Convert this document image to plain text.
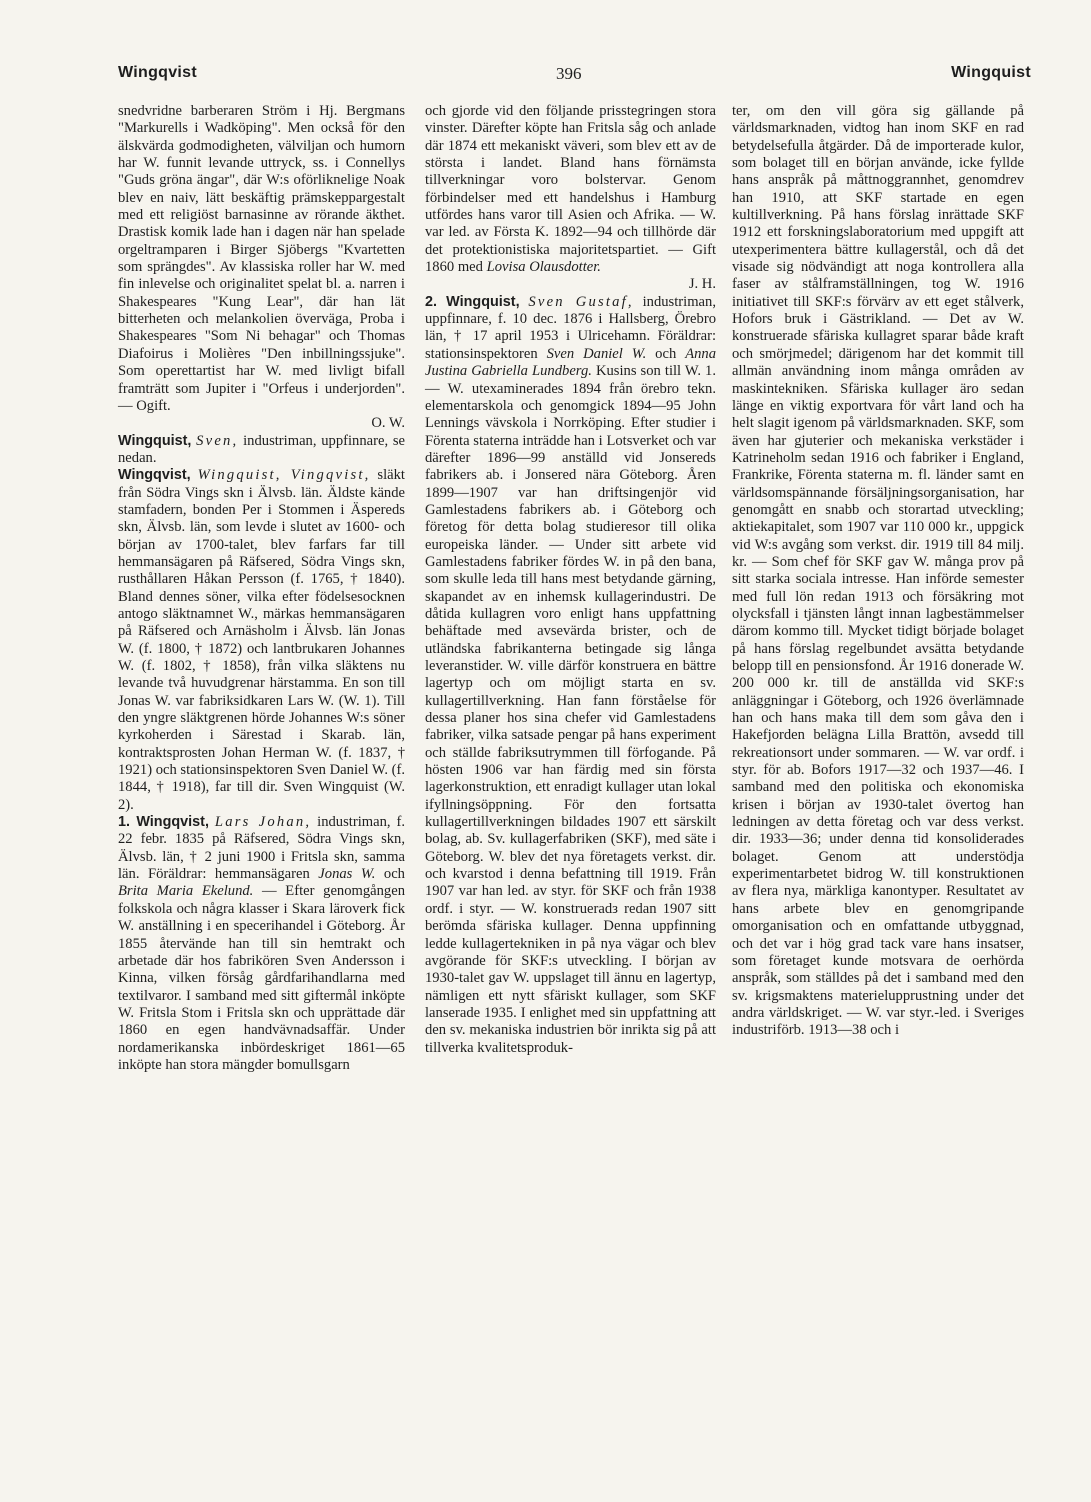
Wingqvist	396	Wingquist

snedvridne barberaren Ström i Hj. Bergmans "Markurells i Wadköping". Men också för den älskvärda godmodigheten, välviljan och humorn har W. funnit levande uttryck, ss. i Connellys "Guds gröna ängar", där W:s oförliknelige Noak blev en naiv, lätt beskäftig prämskeppargestalt med ett religiöst barnasinne av rörande äkthet. Drastisk komik lade han i dagen när han spelade orgeltramparen i Birger Sjöbergs "Kvartetten som sprängdes". Av klassiska roller har W. med fin inlevelse och originalitet spelat bl. a. narren i Shakespeares "Kung Lear", där han lät bitterheten och melankolien överväga, Proba i Shakespeares "Som Ni behagar" och Thomas Diafoirus i Molières "Den inbillningssjuke". Som operettartist har W. med livligt bifall framträtt som Jupiter i "Orfeus i underjorden". — Ogift.
O. W.

Wingquist, Sven, industriman, uppfinnare, se nedan.

Wingqvist, Wingquist, Vingqvist, släkt från Södra Vings skn i Älvsb. län. Äldste kände stamfadern, bonden Per i Stommen i Äspereds skn, Älvsb. län, som levde i slutet av 1600- och början av 1700-talet, blev farfars far till hemmansägaren på Räfsered, Södra Vings skn, rusthållaren Håkan Persson (f. 1765, † 1840). Bland dennes söner, vilka efter födelsesocknen antogo släktnamnet W., märkas hemmansägaren på Räfsered och Arnäsholm i Älvsb. län Jonas W. (f. 1800, † 1872) och lantbrukaren Johannes W. (f. 1802, † 1858), från vilka släktens nu levande två huvudgrenar härstamma. En son till Jonas W. var fabriksidkaren Lars W. (W. 1). Till den yngre släktgrenen hörde Johannes W:s söner kyrkoherden i Särestad i Skarab. län, kontraktsprosten Johan Herman W. (f. 1837, † 1921) och stationsinspektoren Sven Daniel W. (f. 1844, † 1918), far till dir. Sven Wingquist (W. 2).

1. Wingqvist, Lars Johan, industriman, f. 22 febr. 1835 på Räfsered, Södra Vings skn, Älvsb. län, † 2 juni 1900 i Fritsla skn, samma län. Föräldrar: hemmansägaren Jonas W. och Brita Maria Ekelund. — Efter genomgången folkskola och några klasser i Skara läroverk fick W. anställning i en specerihandel i Göteborg. År 1855 återvände han till sin hemtrakt och arbetade där hos fabrikören Sven Andersson i Kinna, vilken försåg gårdfarihandlarna med textilvaror. I samband med sitt giftermål inköpte W. Fritsla Stom i Fritsla skn och upprättade där 1860 en egen handvävnadsaffär. Under nordamerikanska inbördeskriget 1861—65 inköpte han stora mängder bomullsgarn

och gjorde vid den följande prisstegringen stora vinster. Därefter köpte han Fritsla såg och anlade där 1874 ett mekaniskt väveri, som blev ett av de största i landet. Bland hans förnämsta tillverkningar voro bolstervar. Genom förbindelser med ett handelshus i Hamburg utfördes hans varor till Asien och Afrika. — W. var led. av Första K. 1892—94 och tillhörde där det protektionistiska majoritetspartiet. — Gift 1860 med Lovisa Olausdotter.
J. H.

2. Wingquist, Sven Gustaf, industriman, uppfinnare, f. 10 dec. 1876 i Hallsberg, Örebro län, † 17 april 1953 i Ulricehamn. Föräldrar: stationsinspektoren Sven Daniel W. och Anna Justina Gabriella Lundberg. Kusins son till W. 1. — W. utexaminerades 1894 från örebro tekn. elementarskola och genomgick 1894—95 John Lennings vävskola i Norrköping. Efter studier i Förenta staterna inträdde han i Lotsverket och var därefter 1896—99 anställd vid Jonsereds fabrikers ab. i Jonsered nära Göteborg. Åren 1899—1907 var han driftsingenjör vid Gamlestadens fabrikers ab. i Göteborg och företog för detta bolag studieresor till olika europeiska länder. — Under sitt arbete vid Gamlestadens fabriker fördes W. in på den bana, som skulle leda till hans mest betydande gärning, skapandet av en inhemsk kullagerindustri. De dåtida kullagren voro enligt hans uppfattning behäftade med avsevärda brister, och de utländska fabrikanterna betingade sig långa leveranstider. W. ville därför konstruera en bättre lagertyp och om möjligt starta en sv. kullagertillverkning. Han fann förståelse för dessa planer hos sina chefer vid Gamlestadens fabriker, vilka satsade pengar på hans experiment och ställde fabriksutrymmen till förfogande. På hösten 1906 var han färdig med sin första lagerkonstruktion, ett enradigt kullager utan lokal ifyllningsöppning. För den fortsatta kullagertillverkningen bildades 1907 ett särskilt bolag, ab. Sv. kullagerfabriken (SKF), med säte i Göteborg. W. blev det nya företagets verkst. dir. och kvarstod i denna befattning till 1919. Från 1907 var han led. av styr. för SKF och från 1938 ordf. i styr. — W. konstrueradз redan 1907 sitt berömda sfäriska kullager. Denna uppfinning ledde kullagertekniken in på nya vägar och blev avgörande för SKF:s utveckling. I början av 1930-talet gav W. uppslaget till ännu en lagertyp, nämligen ett nytt sfäriskt kullager, som SKF lanserade 1935. I enlighet med sin uppfattning att den sv. mekaniska industrien bör inrikta sig på att tillverka kvalitetsproduk-

ter, om den vill göra sig gällande på världsmarknaden, vidtog han inom SKF en rad betydelsefulla åtgärder. Då de importerade kulor, som bolaget till en början använde, icke fyllde hans anspråk på måttnoggrannhet, genomdrev han 1910, att SKF startade en egen kultillverkning. På hans förslag inrättade SKF 1912 ett forskningslaboratorium med uppgift att utexperimentera bättre kullagerstål, och då det visade sig nödvändigt att noga kontrollera alla faser av stålframställningen, tog W. 1916 initiativet till SKF:s förvärv av ett eget stålverk, Hofors bruk i Gästrikland. — Det av W. konstruerade sfäriska kullagret sparar både kraft och smörjmedel; därigenom har det kommit till allmän användning inom många områden av maskintekniken. Sfäriska kullager äro sedan länge en viktig exportvara för vårt land och ha helt slagit igenom på världsmarknaden. SKF, som även har gjuterier och mekaniska verkstäder i Katrineholm sedan 1916 och fabriker i England, Frankrike, Förenta staterna m. fl. länder samt en världsomspännande försäljningsorganisation, har genomgått en snabb och storartad utveckling; aktiekapitalet, som 1907 var 110 000 kr., uppgick vid W:s avgång som verkst. dir. 1919 till 84 milj. kr. — Som chef för SKF gav W. många prov på sitt starka sociala intresse. Han införde semester med full lön redan 1913 och försäkring mot olycksfall i tjänsten långt innan lagbestämmelser därom kommo till. Mycket tidigt började bolaget på hans förslag regelbundet avsätta betydande belopp till en pensionsfond. År 1916 donerade W. 200 000 kr. till de anställda vid SKF:s anläggningar i Göteborg, och 1926 överlämnade han och hans maka till dem som gåva den i Hakefjorden belägna Lilla Brattön, avsedd till rekreationsort under sommaren. — W. var ordf. i styr. för ab. Bofors 1917—32 och 1937—46. I samband med den politiska och ekonomiska krisen i början av 1930-talet övertog han ledningen av detta företag och var dess verkst. dir. 1933—36; under denna tid konsoliderades bolaget. Genom att understödja experimentarbetet bidrog W. till konstruktionen av flera nya, märkliga kanontyper. Resultatet av hans arbete blev en genomgripande omorganisation och en omfattande utbyggnad, och det var i hög grad tack vare hans insatser, som företaget kunde motsvara de oerhörda anspråk, som ställdes på det i samband med den sv. krigsmaktens materielupprustning under det andra världskriget. — W. var styr.-led. i Sveriges industriförb. 1913—38 och i
